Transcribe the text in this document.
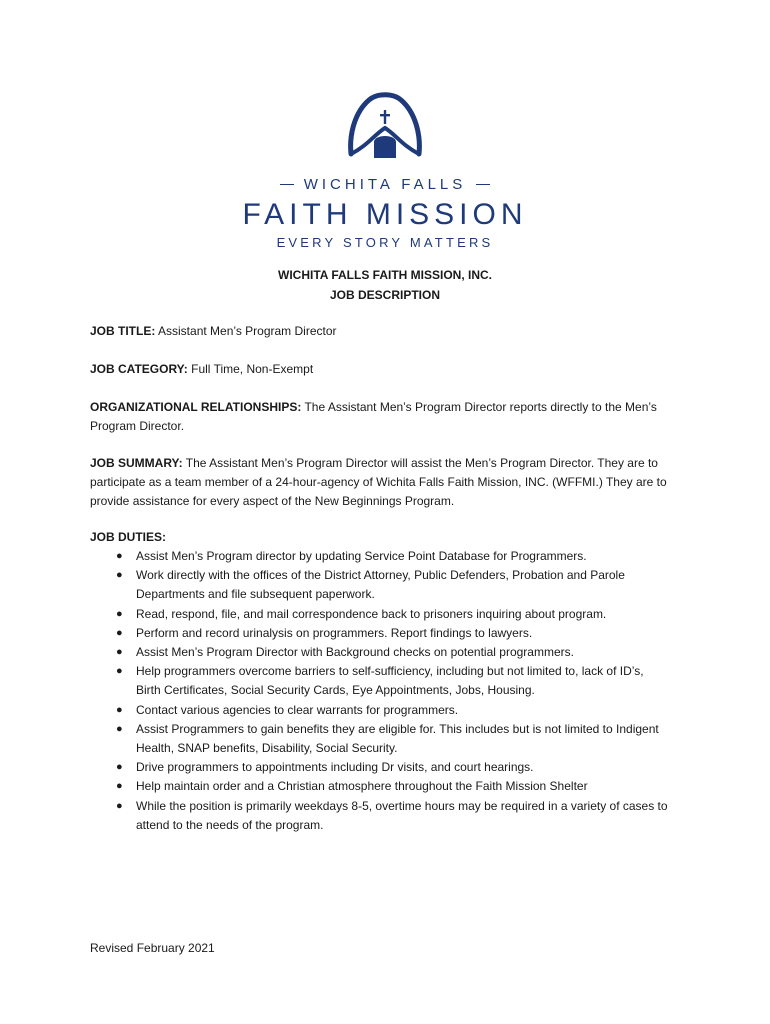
WICHITA FALLS
FAITH MISSION
EVERY STORY MATTERS
WICHITA FALLS FAITH MISSION, INC.
JOB DESCRIPTION
JOB TITLE: Assistant Men’s Program Director
JOB CATEGORY: Full Time, Non-Exempt
ORGANIZATIONAL RELATIONSHIPS: The Assistant Men’s Program Director reports directly to the Men’s Program Director.
JOB SUMMARY: The Assistant Men’s Program Director will assist the Men’s Program Director. They are to participate as a team member of a 24-hour-agency of Wichita Falls Faith Mission, INC. (WFFMI.) They are to provide assistance for every aspect of the New Beginnings Program.
JOB DUTIES:
● Assist Men’s Program director by updating Service Point Database for Programmers.
● Work directly with the offices of the District Attorney, Public Defenders, Probation and Parole Departments and file subsequent paperwork.
● Read, respond, file, and mail correspondence back to prisoners inquiring about program.
● Perform and record urinalysis on programmers. Report findings to lawyers.
● Assist Men’s Program Director with Background checks on potential programmers.
● Help programmers overcome barriers to self-sufficiency, including but not limited to, lack of ID’s, Birth Certificates, Social Security Cards, Eye Appointments, Jobs, Housing.
● Contact various agencies to clear warrants for programmers.
● Assist Programmers to gain benefits they are eligible for. This includes but is not limited to Indigent Health, SNAP benefits, Disability, Social Security.
● Drive programmers to appointments including Dr visits, and court hearings.
● Help maintain order and a Christian atmosphere throughout the Faith Mission Shelter
● While the position is primarily weekdays 8-5, overtime hours may be required in a variety of cases to attend to the needs of the program.
Revised February 2021
